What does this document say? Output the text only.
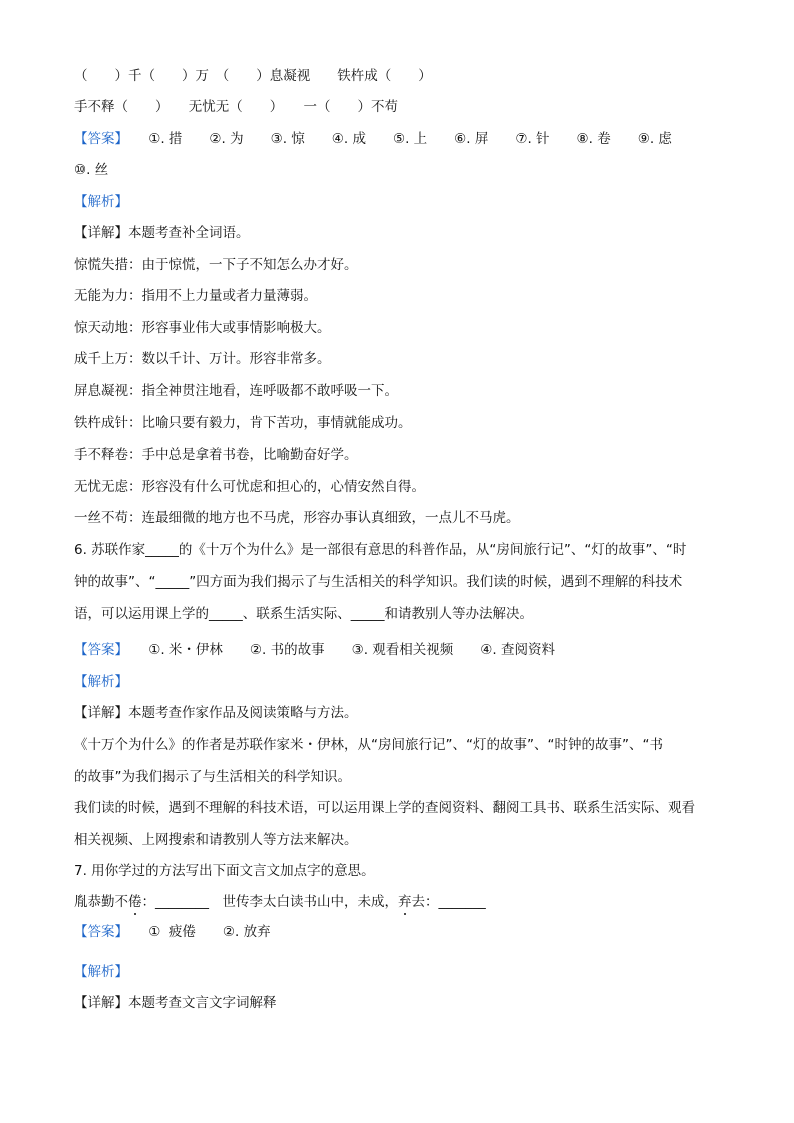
（　　）千（　　）万　（　　）息凝视　　铁杵成（　　）
手不释（　　）　　无忧无（　　）　　一（　　）不苟
【答案】　　①. 措　　②. 为　　③. 惊　　④. 成　　⑤. 上　　⑥. 屏　　⑦. 针　　⑧. 卷　　⑨. 虑
⑩. 丝
【解析】
【详解】本题考查补全词语。
惊慌失措：由于惊慌，一下子不知怎么办才好。
无能为力：指用不上力量或者力量薄弱。
惊天动地：形容事业伟大或事情影响极大。
成千上万：数以千计、万计。形容非常多。
屏息凝视：指全神贯注地看，连呼吸都不敢呼吸一下。
铁杵成针：比喻只要有毅力，肯下苦功，事情就能成功。
手不释卷：手中总是拿着书卷，比喻勤奋好学。
无忧无虑：形容没有什么可忧虑和担心的，心情安然自得。
一丝不苟：连最细微的地方也不马虎，形容办事认真细致，一点儿不马虎。
6. 苏联作家_____的《十万个为什么》是一部很有意思的科普作品，从“房间旅行记”、“灯的故事”、“时
钟的故事”、“_____”四方面为我们揭示了与生活相关的科学知识。我们读的时候，遇到不理解的科技术
语，可以运用课上学的_____、联系生活实际、_____和请教别人等办法解决。
【答案】　　①. 米・伊林　　②. 书的故事　　③. 观看相关视频　　④. 查阅资料
【解析】
【详解】本题考查作家作品及阅读策略与方法。
《十万个为什么》的作者是苏联作家米・伊林，从“房间旅行记”、“灯的故事”、“时钟的故事”、“书
的故事”为我们揭示了与生活相关的科学知识。
我们读的时候，遇到不理解的科技术语，可以运用课上学的查阅资料、翻阅工具书、联系生活实际、观看
相关视频、上网搜索和请教别人等方法来解决。
7. 用你学过的方法写出下面文言文加点字的意思。
胤恭勤不倦：________　世传李太白读书山中，未成，弃去：_______
【答案】　　①  疲倦　　②. 放弃
【解析】
【详解】本题考查文言文字词解释
